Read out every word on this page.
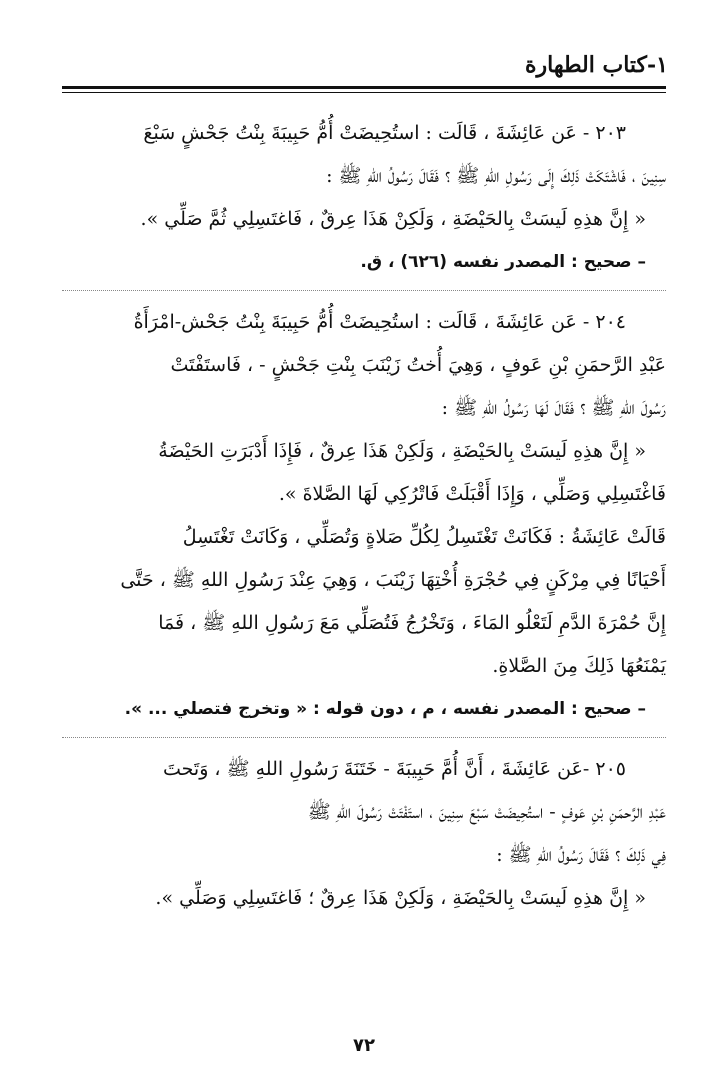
١-كتاب الطهارة

٢٠٣ - عَن عَائِشَةَ ، قَالَت : استُحِيضَتْ أُمُّ حَبِيبَةَ بِنْتُ جَحْشٍ سَبْعَ

سِنِينَ ، فَاشْتَكَتْ ذَلِكَ إِلَى رَسُولِ اللهِ ﷺ ؟ فَقَالَ رَسُولُ اللهِ ﷺ :

« إِنَّ هذِهِ لَيسَتْ بِالحَيْضَةِ ، وَلَكِنْ هَذَا عِرقٌ ، فَاغتَسِلِي ثُمَّ صَلِّي ».

– صحيح : المصدر نفسه (٦٢٦) ، ق.

٢٠٤ - عَن عَائِشَةَ ، قَالَت : استُحِيضَتْ أُمُّ حَبِيبَةَ بِنْتُ جَحْش-امْرَأَةُ

عَبْدِ الرَّحمَنِ بْنِ عَوفٍ ، وَهِيَ أُختُ زَيْنَبَ بِنْتِ جَحْشٍ - ، فَاستَفْتَتْ

رَسُولَ اللهِ ﷺ ؟ فَقَالَ لَهَا رَسُولُ اللهِ ﷺ :

« إِنَّ هذِهِ لَيسَتْ بِالحَيْضَةِ ، وَلَكِنْ هَذَا عِرقٌ ، فَإِذَا أَدْبَرَتِ الحَيْضَةُ

فَاغْتَسِلِي وَصَلِّي ، وَإِذَا أَقْبَلَتْ فَاتْرُكِي لَهَا الصَّلاةَ ».

قَالَتْ عَائِشَةُ : فَكَانَتْ تَغْتَسِلُ لِكُلِّ صَلاةٍ وَتُصَلِّي ، وَكَانَتْ تَغْتَسِلُ

أَحْيَانًا فِي مِرْكَنٍ فِي حُجْرَةِ أُخْتِهَا زَيْنَبَ ، وَهِيَ عِنْدَ رَسُولِ اللهِ ﷺ ، حَتَّى

إِنَّ حُمْرَةَ الدَّمِ لَتَعْلُو المَاءَ ، وَتَخْرُجُ فَتُصَلِّي مَعَ رَسُولِ اللهِ ﷺ ، فَمَا

يَمْنَعُهَا ذَلِكَ مِنَ الصَّلاةِ.

– صحيح : المصدر نفسه ، م ، دون قوله : « وتخرج فتصلي ... ».

٢٠٥ -عَن عَائِشَةَ ، أَنَّ أُمَّ حَبِيبَةَ - خَتَنَةَ رَسُولِ اللهِ ﷺ ، وَتَحتَ

عَبْدِ الرَّحمَنِ بْنِ عَوفٍ - استُحِيضَتْ سَبْعَ سِنِينَ ، استَفْتَتْ رَسُولَ اللهِ ﷺ

فِي ذَلِكَ ؟ فَقَالَ رَسُولُ اللهِ ﷺ :

« إِنَّ هذِهِ لَيسَتْ بِالحَيْضَةِ ، وَلَكِنْ هَذَا عِرقٌ ؛ فَاغتَسِلِي وَصَلِّي ».

٧٢
